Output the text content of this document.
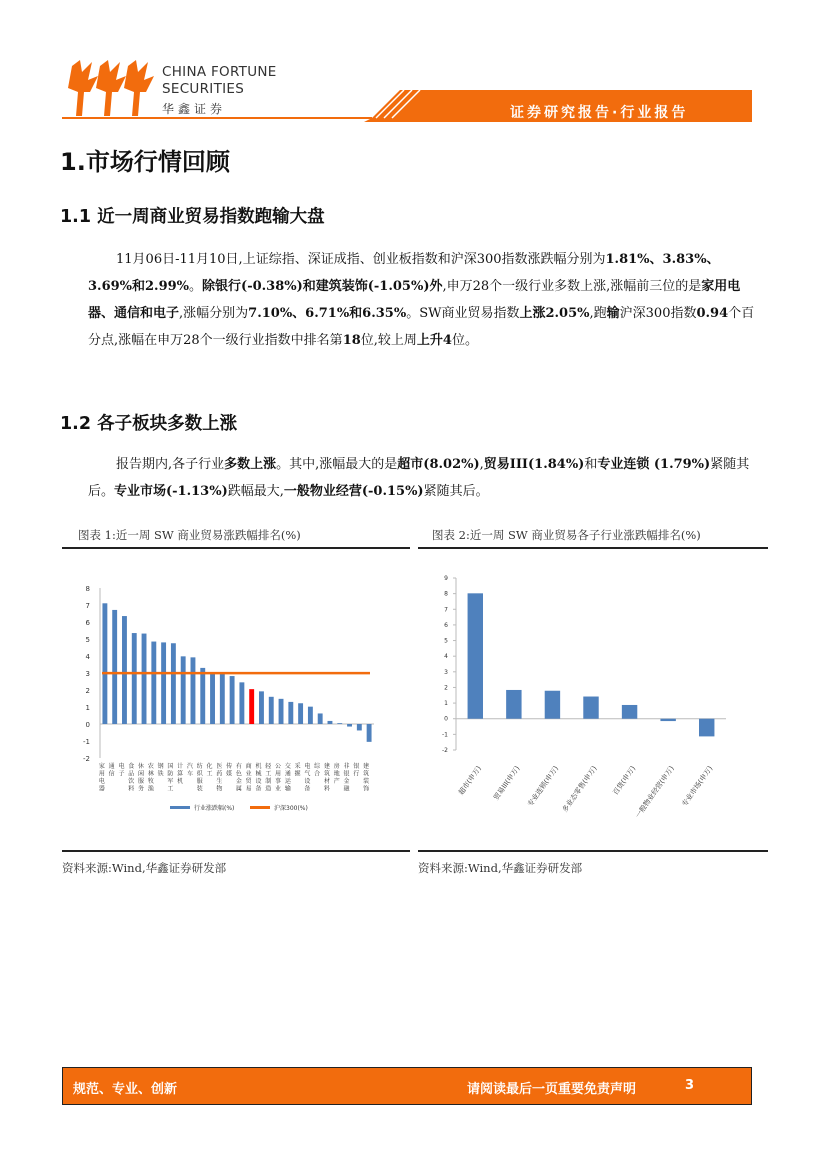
CHINA FORTUNE
SECURITIES
华鑫证券	证券研究报告·行业报告
1.市场行情回顾
1.1 近一周商业贸易指数跑输大盘
11月06日-11月10日,上证综指、深证成指、创业板指数和沪深300指数涨跌幅分别为1.81%、3.83%、3.69%和2.99%。除银行(-0.38%)和建筑装饰(-1.05%)外,申万28个一级行业多数上涨,涨幅前三位的是家用电器、通信和电子,涨幅分别为7.10%、6.71%和6.35%。SW商业贸易指数上涨2.05%,跑输沪深300指数0.94个百分点,涨幅在申万28个一级行业指数中排名第18位,较上周上升4位。
1.2 各子板块多数上涨
报告期内,各子行业多数上涨。其中,涨幅最大的是超市(8.02%),贸易III(1.84%)和专业连锁 (1.79%)紧随其后。专业市场(-1.13%)跌幅最大,一般物业经营(-0.15%)紧随其后。
图表 1:近一周 SW 商业贸易涨跌幅排名(%)
-2
-1
0
1
2
3
4
5
6
7
8
家
用
电
器
通
信
电
子
食
品
饮
料
休
闲
服
务
农
林
牧
渔
钢
铁
国
防
军
工
计
算
机
汽
车
纺
织
服
装
化
工
医
药
生
物
传
媒
有
色
金
属
商
业
贸
易
机
械
设
备
轻
工
制
造
公
用
事
业
交
通
运
输
采
掘
电
气
设
备
综
合
建
筑
材
料
房
地
产
非
银
金
融
银
行
建
筑
装
饰
行业涨跌幅(%)	沪深300(%)
资料来源:Wind,华鑫证券研发部
图表 2:近一周 SW 商业贸易各子行业涨跌幅排名(%)
-2
-1
0
1
2
3
4
5
6
7
8
9
超市(申万) 贸易III(申万) 专业连锁(申万) 多业态零售(申万) 百货(申万)
一般物业经营(申万) 专业市场(申万)
资料来源:Wind,华鑫证券研发部
规范、专业、创新	请阅读最后一页重要免责声明	3
